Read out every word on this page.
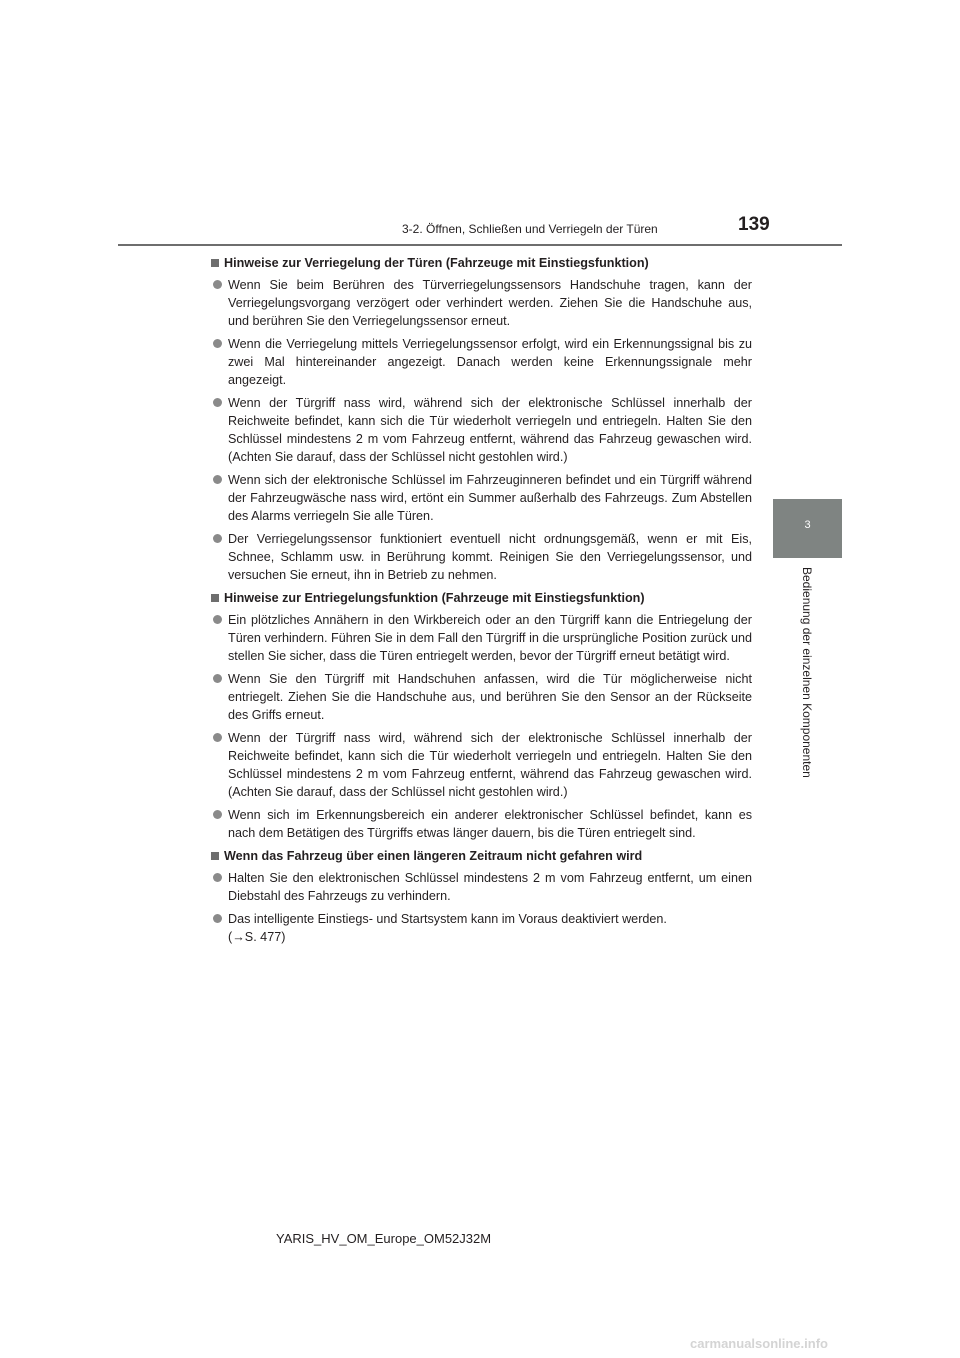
3-2. Öffnen, Schließen und Verriegeln der Türen	139
3
Bedienung der einzelnen Komponenten
Hinweise zur Verriegelung der Türen (Fahrzeuge mit Einstiegsfunktion)
Wenn Sie beim Berühren des Türverriegelungssensors Handschuhe tragen, kann der Verriegelungsvorgang verzögert oder verhindert werden. Ziehen Sie die Handschuhe aus, und berühren Sie den Verriegelungssensor erneut.
Wenn die Verriegelung mittels Verriegelungssensor erfolgt, wird ein Erkennungssignal bis zu zwei Mal hintereinander angezeigt. Danach werden keine Erkennungssignale mehr angezeigt.
Wenn der Türgriff nass wird, während sich der elektronische Schlüssel innerhalb der Reichweite befindet, kann sich die Tür wiederholt verriegeln und entriegeln. Halten Sie den Schlüssel mindestens 2 m vom Fahrzeug entfernt, während das Fahrzeug gewaschen wird. (Achten Sie darauf, dass der Schlüssel nicht gestohlen wird.)
Wenn sich der elektronische Schlüssel im Fahrzeuginneren befindet und ein Türgriff während der Fahrzeugwäsche nass wird, ertönt ein Summer außerhalb des Fahrzeugs. Zum Abstellen des Alarms verriegeln Sie alle Türen.
Der Verriegelungssensor funktioniert eventuell nicht ordnungsgemäß, wenn er mit Eis, Schnee, Schlamm usw. in Berührung kommt. Reinigen Sie den Verriegelungssensor, und versuchen Sie erneut, ihn in Betrieb zu nehmen.
Hinweise zur Entriegelungsfunktion (Fahrzeuge mit Einstiegsfunktion)
Ein plötzliches Annähern in den Wirkbereich oder an den Türgriff kann die Entriegelung der Türen verhindern. Führen Sie in dem Fall den Türgriff in die ursprüngliche Position zurück und stellen Sie sicher, dass die Türen entriegelt werden, bevor der Türgriff erneut betätigt wird.
Wenn Sie den Türgriff mit Handschuhen anfassen, wird die Tür möglicherweise nicht entriegelt. Ziehen Sie die Handschuhe aus, und berühren Sie den Sensor an der Rückseite des Griffs erneut.
Wenn der Türgriff nass wird, während sich der elektronische Schlüssel innerhalb der Reichweite befindet, kann sich die Tür wiederholt verriegeln und entriegeln. Halten Sie den Schlüssel mindestens 2 m vom Fahrzeug entfernt, während das Fahrzeug gewaschen wird. (Achten Sie darauf, dass der Schlüssel nicht gestohlen wird.)
Wenn sich im Erkennungsbereich ein anderer elektronischer Schlüssel befindet, kann es nach dem Betätigen des Türgriffs etwas länger dauern, bis die Türen entriegelt sind.
Wenn das Fahrzeug über einen längeren Zeitraum nicht gefahren wird
Halten Sie den elektronischen Schlüssel mindestens 2 m vom Fahrzeug entfernt, um einen Diebstahl des Fahrzeugs zu verhindern.
Das intelligente Einstiegs- und Startsystem kann im Voraus deaktiviert werden.
(→S. 477)
YARIS_HV_OM_Europe_OM52J32M
carmanualsonline.info
